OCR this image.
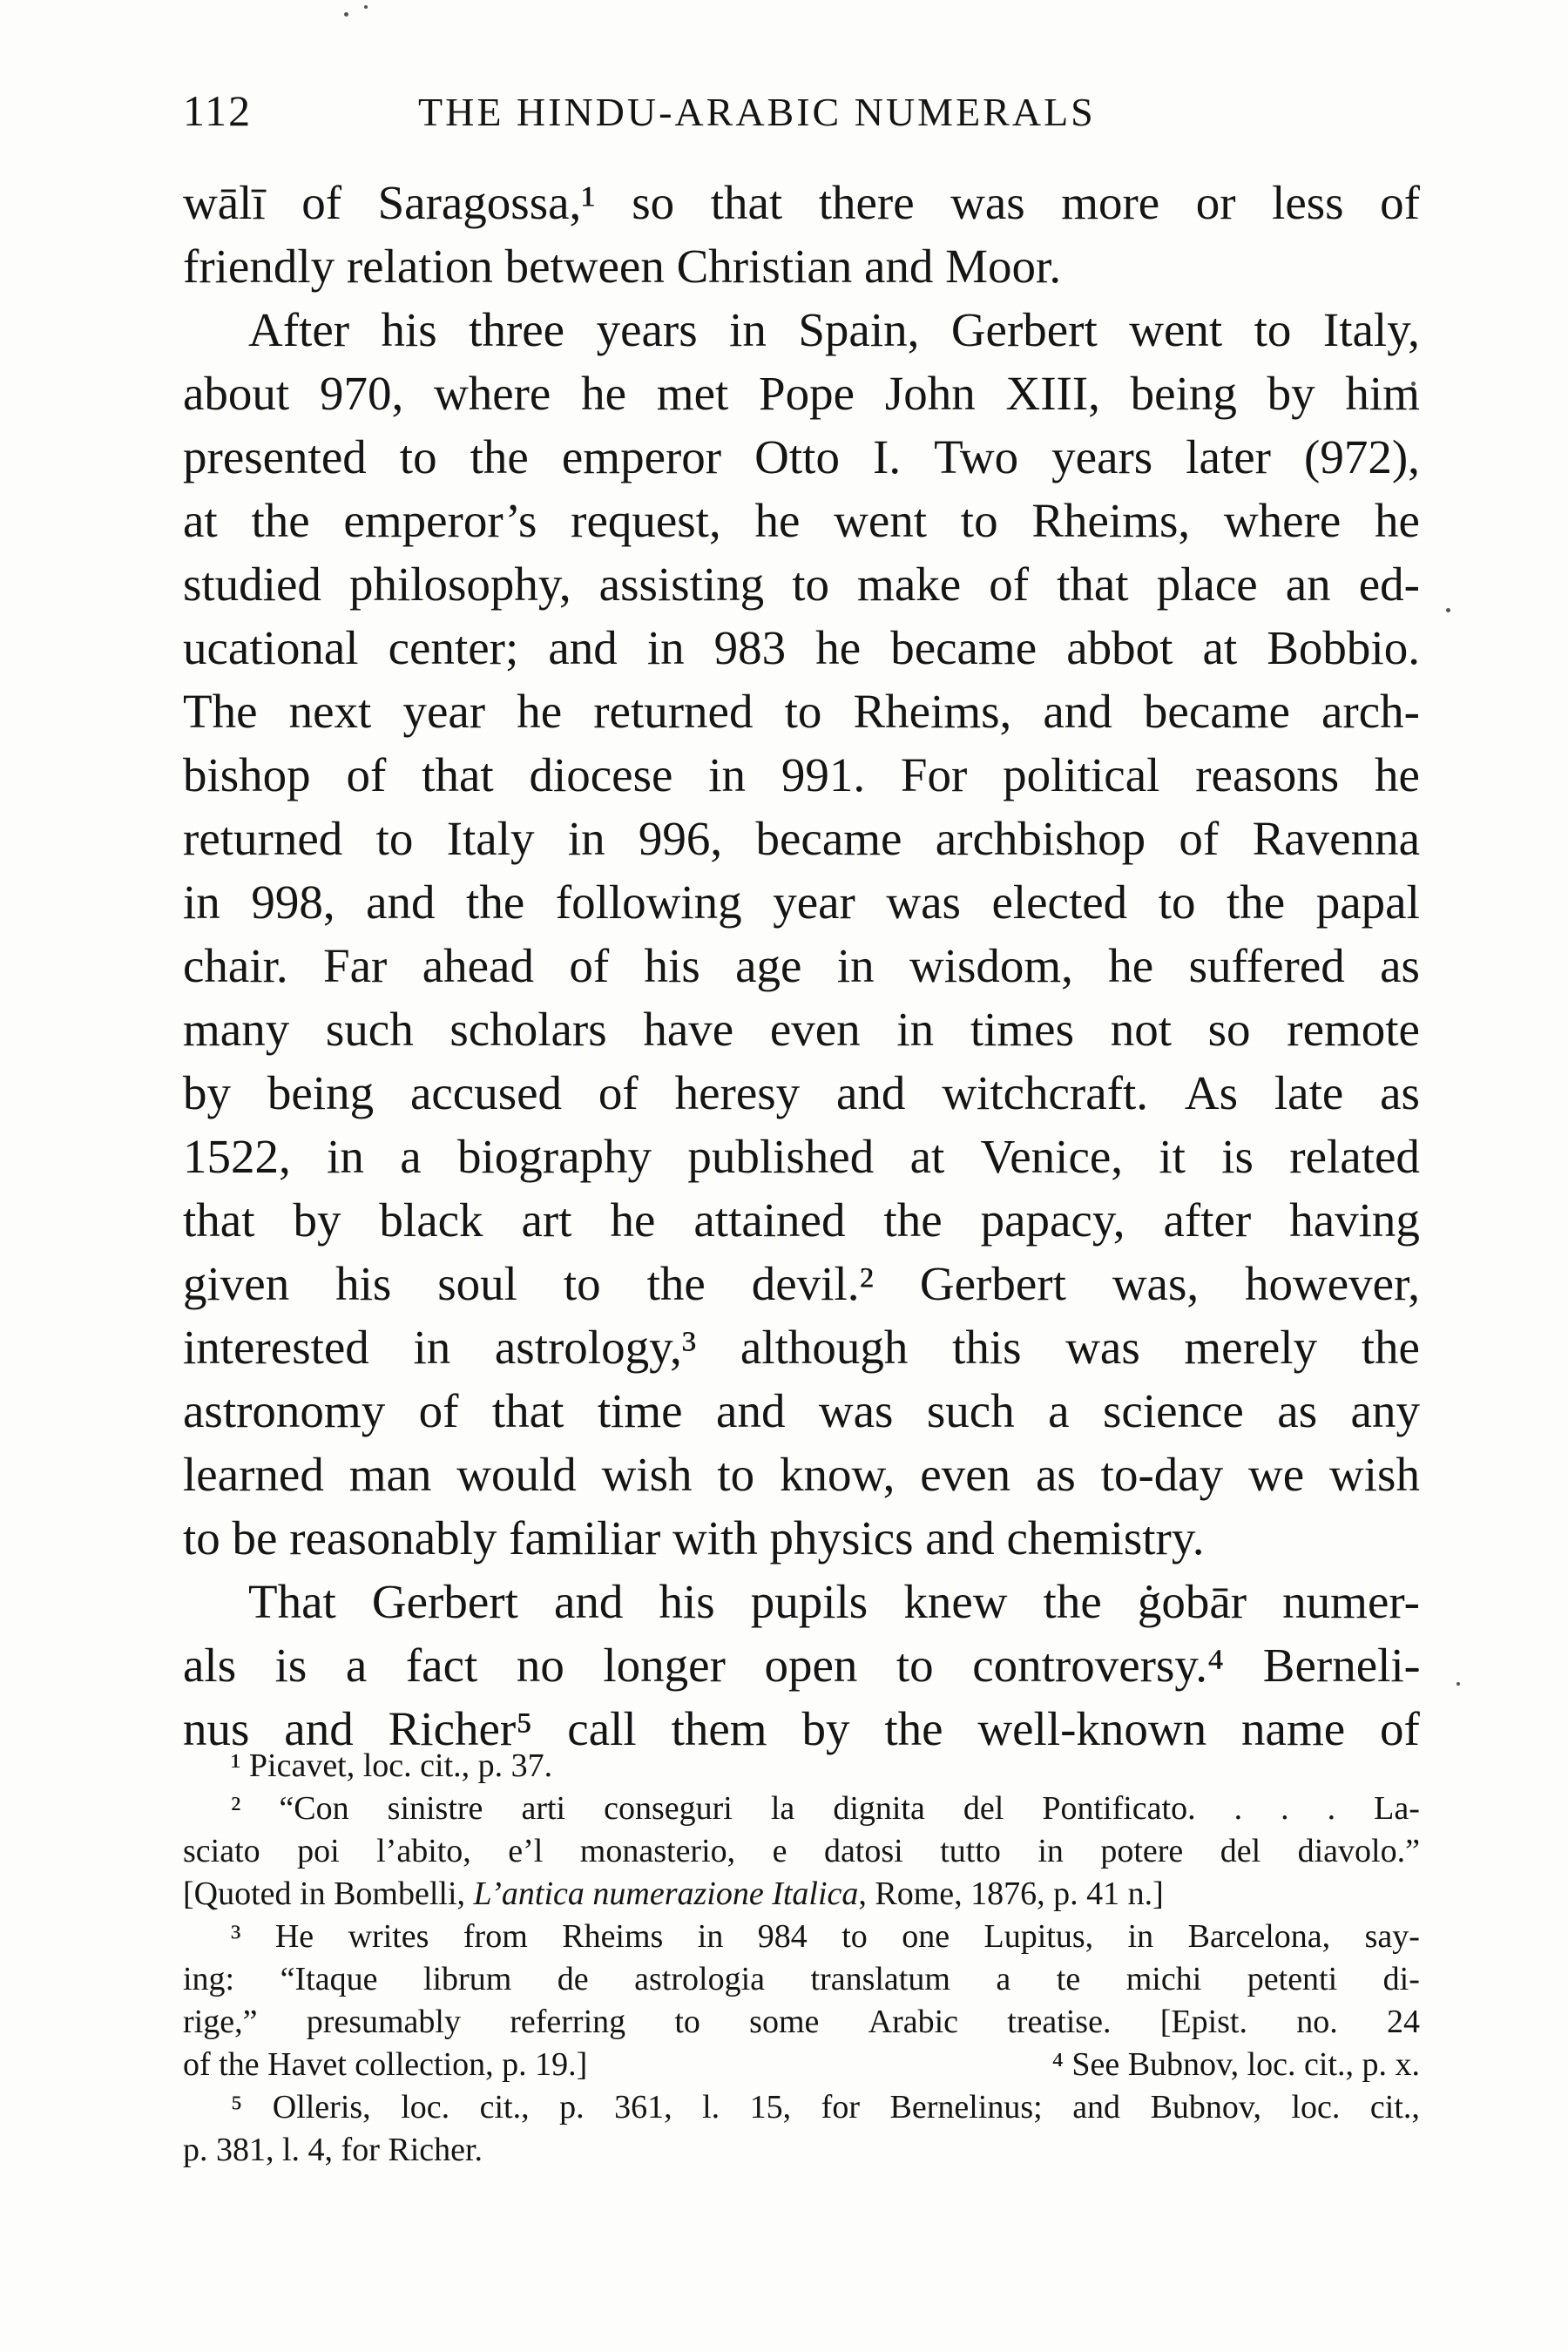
112	THE HINDU-ARABIC NUMERALS
wālī of Saragossa,¹ so that there was more or less of
friendly relation between Christian and Moor.
After his three years in Spain, Gerbert went to Italy,
about 970, where he met Pope John XIII, being by him
presented to the emperor Otto I. Two years later (972),
at the emperor’s request, he went to Rheims, where he
studied philosophy, assisting to make of that place an ed-
ucational center; and in 983 he became abbot at Bobbio.
The next year he returned to Rheims, and became arch-
bishop of that diocese in 991. For political reasons he
returned to Italy in 996, became archbishop of Ravenna
in 998, and the following year was elected to the papal
chair. Far ahead of his age in wisdom, he suffered as
many such scholars have even in times not so remote
by being accused of heresy and witchcraft. As late as
1522, in a biography published at Venice, it is related
that by black art he attained the papacy, after having
given his soul to the devil.² Gerbert was, however,
interested in astrology,³ although this was merely the
astronomy of that time and was such a science as any
learned man would wish to know, even as to-day we wish
to be reasonably familiar with physics and chemistry.
That Gerbert and his pupils knew the ġobār numer-
als is a fact no longer open to controversy.⁴ Berneli-
nus and Richer⁵ call them by the well-known name of
¹ Picavet, loc. cit., p. 37.
² “Con sinistre arti conseguri la dignita del Pontificato. . . . La-
sciato poi l’abito, e’l monasterio, e datosi tutto in potere del diavolo.”
[Quoted in Bombelli, L’antica numerazione Italica, Rome, 1876, p. 41 n.]
³ He writes from Rheims in 984 to one Lupitus, in Barcelona, say-
ing: “Itaque librum de astrologia translatum a te michi petenti di-
rige,” presumably referring to some Arabic treatise. [Epist. no. 24
of the Havet collection, p. 19.]	⁴ See Bubnov, loc. cit., p. x.
⁵ Olleris, loc. cit., p. 361, l. 15, for Bernelinus; and Bubnov, loc. cit.,
p. 381, l. 4, for Richer.
